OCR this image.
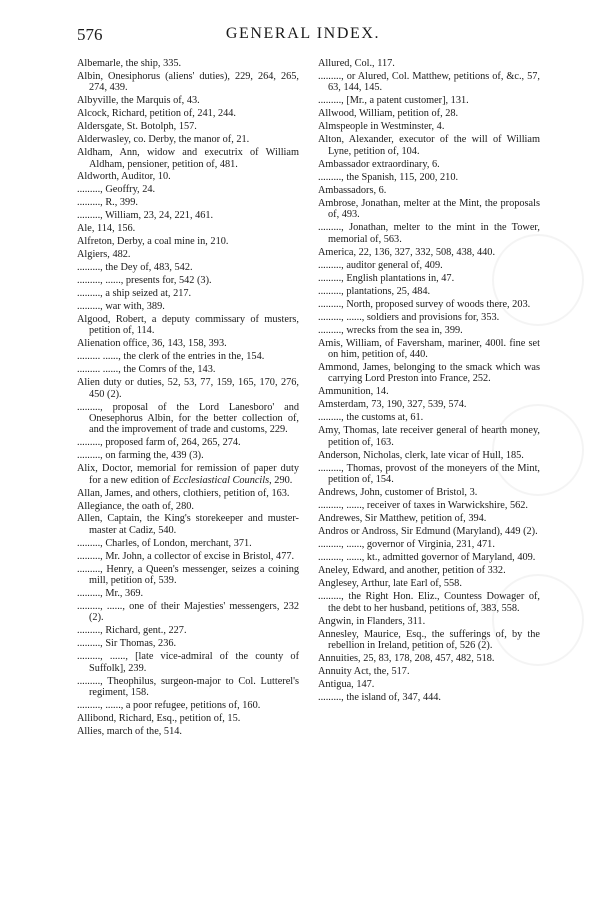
576	GENERAL INDEX.
Albemarle, the ship, 335.
Albin, Onesiphorus (aliens' duties), 229, 264, 265, 274, 439.
Albyville, the Marquis of, 43.
Alcock, Richard, petition of, 241, 244.
Aldersgate, St. Botolph, 157.
Alderwasley, co. Derby, the manor of, 21.
Aldham, Ann, widow and executrix of William Aldham, pensioner, petition of, 481.
Aldworth, Auditor, 10.
........., Geoffry, 24.
........., R., 399.
........., William, 23, 24, 221, 461.
Ale, 114, 156.
Alfreton, Derby, a coal mine in, 210.
Algiers, 482.
........., the Dey of, 483, 542.
........., ......, presents for, 542 (3).
........., a ship seized at, 217.
........., war with, 389.
Algood, Robert, a deputy commissary of musters, petition of, 114.
Alienation office, 36, 143, 158, 393.
......... ......, the clerk of the entries in the, 154.
......... ......, the Comrs of the, 143.
Alien duty or duties, 52, 53, 77, 159, 165, 170, 276, 450 (2).
........., proposal of the Lord Lanesboro' and Onesephorus Albin, for the better collection of, and the improvement of trade and customs, 229.
........., proposed farm of, 264, 265, 274.
........., on farming the, 439 (3).
Alix, Doctor, memorial for remission of paper duty for a new edition of Ecclesiastical Councils, 290.
Allan, James, and others, clothiers, petition of, 163.
Allegiance, the oath of, 280.
Allen, Captain, the King's storekeeper and muster-master at Cadiz, 540.
........., Charles, of London, merchant, 371.
........., Mr. John, a collector of excise in Bristol, 477.
........., Henry, a Queen's messenger, seizes a coining mill, petition of, 539.
........., Mr., 369.
........., ......, one of their Majesties' messengers, 232 (2).
........., Richard, gent., 227.
........., Sir Thomas, 236.
........., ......, [late vice-admiral of the county of Suffolk], 239.
........., Theophilus, surgeon-major to Col. Lutterel's regiment, 158.
........., ......, a poor refugee, petitions of, 160.
Allibond, Richard, Esq., petition of, 15.
Allies, march of the, 514.
Allured, Col., 117.
........., or Alured, Col. Matthew, petitions of, &c., 57, 63, 144, 145.
........., [Mr., a patent customer], 131.
Allwood, William, petition of, 28.
Almspeople in Westminster, 4.
Alton, Alexander, executor of the will of William Lyne, petition of, 104.
Ambassador extraordinary, 6.
........., the Spanish, 115, 200, 210.
Ambassadors, 6.
Ambrose, Jonathan, melter at the Mint, the proposals of, 493.
........., Jonathan, melter to the mint in the Tower, memorial of, 563.
America, 22, 136, 327, 332, 508, 438, 440.
........., auditor general of, 409.
........., English plantations in, 47.
........., plantations, 25, 484.
........., North, proposed survey of woods there, 203.
........., ......, soldiers and provisions for, 353.
........., wrecks from the sea in, 399.
Amis, William, of Faversham, mariner, 400l. fine set on him, petition of, 440.
Ammond, James, belonging to the smack which was carrying Lord Preston into France, 252.
Ammunition, 14.
Amsterdam, 73, 190, 327, 539, 574.
........., the customs at, 61.
Amy, Thomas, late receiver general of hearth money, petition of, 163.
Anderson, Nicholas, clerk, late vicar of Hull, 185.
........., Thomas, provost of the moneyers of the Mint, petition of, 154.
Andrews, John, customer of Bristol, 3.
........., ......, receiver of taxes in Warwickshire, 562.
Andrewes, Sir Matthew, petition of, 394.
Andros or Andross, Sir Edmund (Maryland), 449 (2).
........., ......, governor of Virginia, 231, 471.
........., ......, kt., admitted governor of Maryland, 409.
Aneley, Edward, and another, petition of 332.
Anglesey, Arthur, late Earl of, 558.
........., the Right Hon. Eliz., Countess Dowager of, the debt to her husband, petitions of, 383, 558.
Angwin, in Flanders, 311.
Annesley, Maurice, Esq., the sufferings of, by the rebellion in Ireland, petition of, 526 (2).
Annuities, 25, 83, 178, 208, 457, 482, 518.
Annuity Act, the, 517.
Antigua, 147.
........., the island of, 347, 444.
